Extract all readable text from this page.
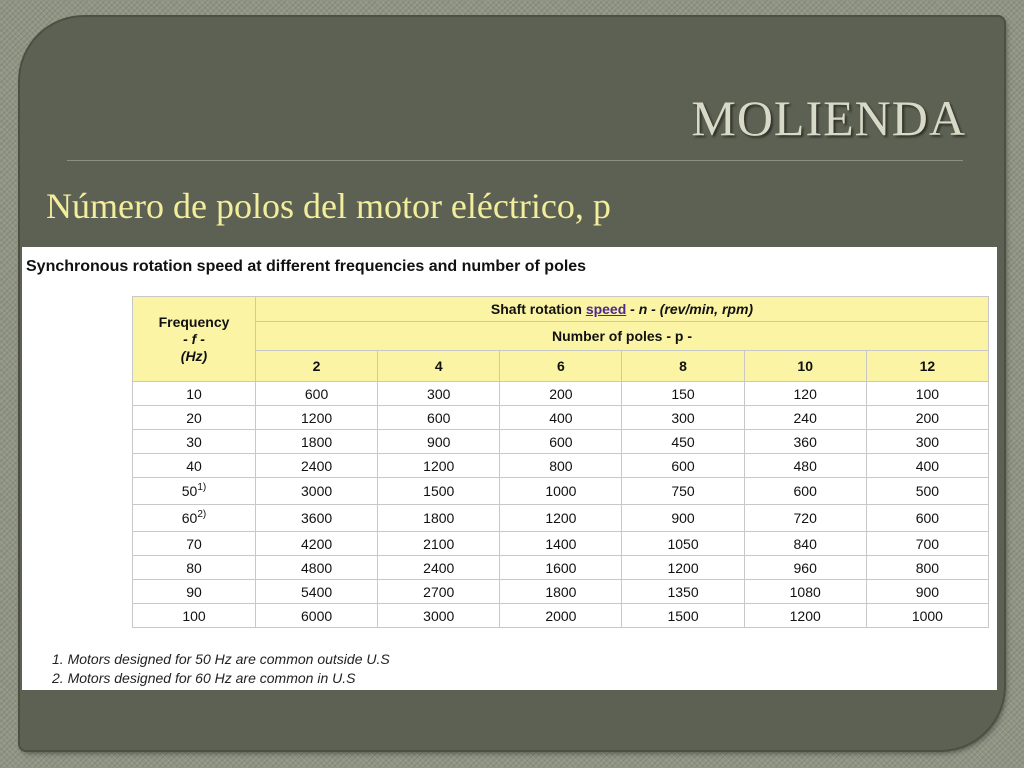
MOLIENDA
Número de polos del motor eléctrico, p
Synchronous rotation speed at different frequencies and number of poles
Frequency
- f -
(Hz)	Shaft rotation speed - n - (rev/min, rpm)					
	Number of poles - p -					
	2	4	6	8	10	12
10	600	300	200	150	120	100
20	1200	600	400	300	240	200
30	1800	900	600	450	360	300
40	2400	1200	800	600	480	400
50$^{1)}$	3000	1500	1000	750	600	500
60$^{2)}$	3600	1800	1200	900	720	600
70	4200	2100	1400	1050	840	700
80	4800	2400	1600	1200	960	800
90	5400	2700	1800	1350	1080	900
100	6000	3000	2000	1500	1200	1000
1. Motors designed for 50 Hz are common outside U.S
2. Motors designed for 60 Hz are common in U.S
